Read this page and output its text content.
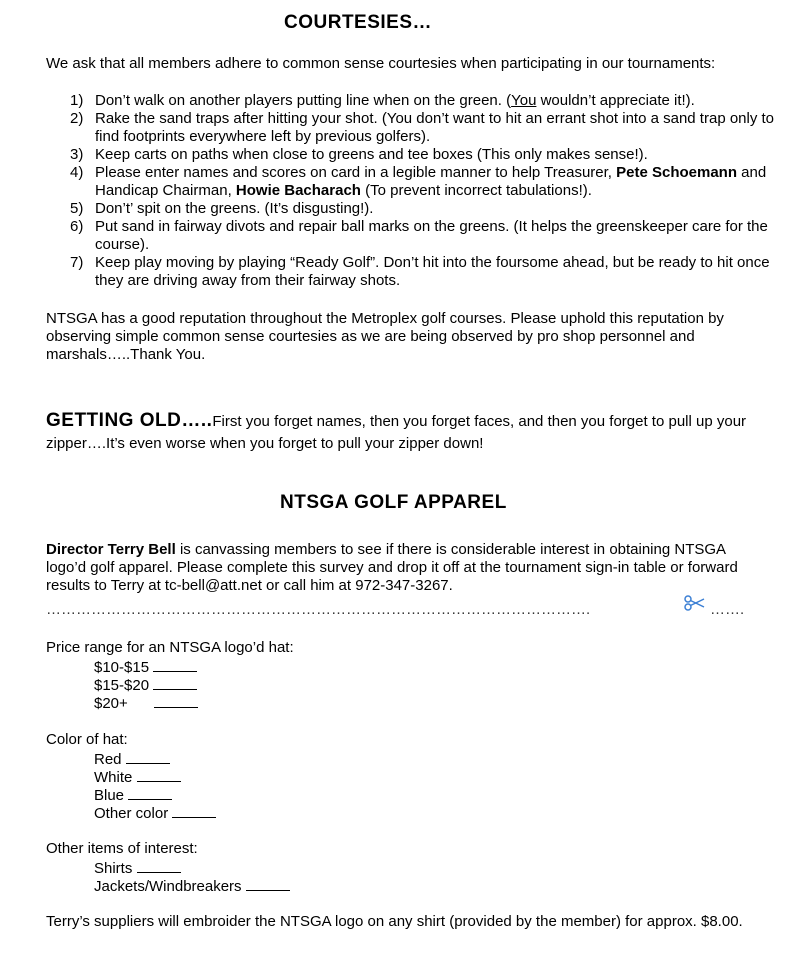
COURTESIES…
We ask that all members adhere to common sense courtesies when participating in our tournaments:
1) Don’t walk on another players putting line when on the green. (You wouldn’t appreciate it!).
2) Rake the sand traps after hitting your shot. (You don’t want to hit an errant shot into a sand trap only to find footprints everywhere left by previous golfers).
3) Keep carts on paths when close to greens and tee boxes (This only makes sense!).
4) Please enter names and scores on card in a legible manner to help Treasurer, Pete Schoemann and Handicap Chairman, Howie Bacharach (To prevent incorrect tabulations!).
5) Don’t’ spit on the greens. (It’s disgusting!).
6) Put sand in fairway divots and repair ball marks on the greens. (It helps the greenskeeper care for the course).
7) Keep play moving by playing “Ready Golf”. Don’t hit into the foursome ahead, but be ready to hit once they are driving away from their fairway shots.
NTSGA has a good reputation throughout the Metroplex golf courses. Please uphold this reputation by observing simple common sense courtesies as we are being observed by pro shop personnel and marshals…..Thank You.
GETTING OLD…..First you forget names, then you forget faces, and then you forget to pull up your zipper….It’s even worse when you forget to pull your zipper down!
NTSGA GOLF APPAREL
Director Terry Bell is canvassing members to see if there is considerable interest in obtaining NTSGA logo’d golf apparel. Please complete this survey and drop it off at the tournament sign-in table or forward results to Terry at tc-bell@att.net or call him at 972-347-3267.
……………………………………………………………………………………………….	…….
Price range for an NTSGA logo’d hat:
$10-$15
$15-$20
$20+
Color of hat:
Red
White
Blue
Other color
Other items of interest:
Shirts
Jackets/Windbreakers
Terry’s suppliers will embroider the NTSGA logo on any shirt (provided by the member) for approx. $8.00.
